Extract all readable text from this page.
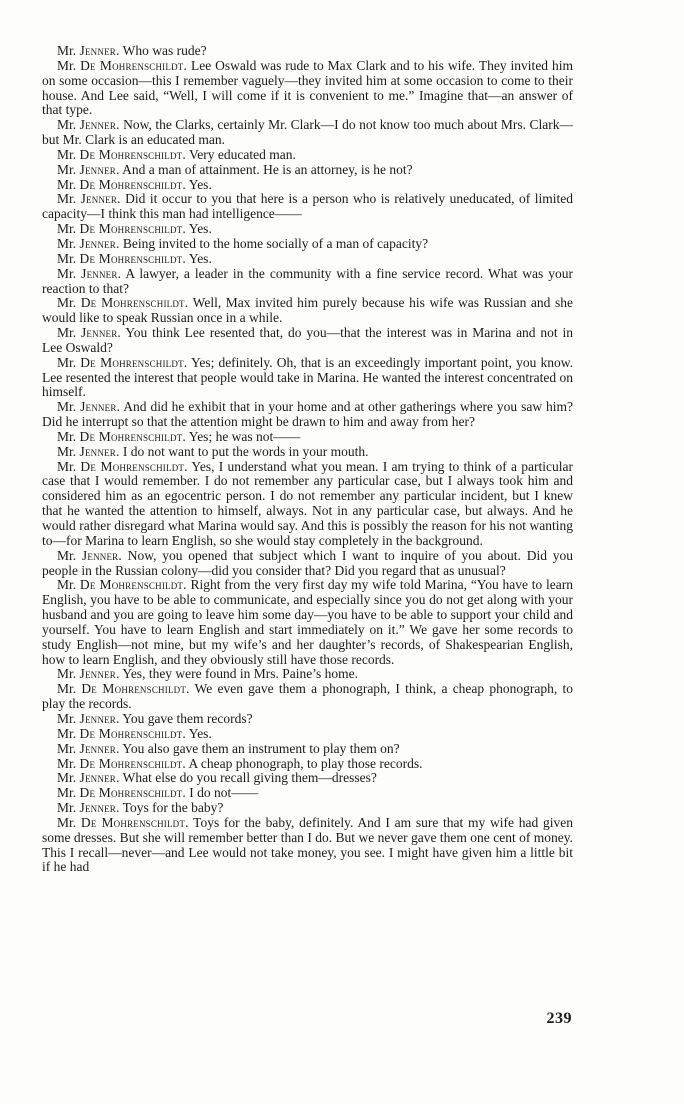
Mr. Jenner. Who was rude?

Mr. De Mohrenschildt. Lee Oswald was rude to Max Clark and to his wife. They invited him on some occasion—this I remember vaguely—they invited him at some occasion to come to their house. And Lee said, “Well, I will come if it is convenient to me.” Imagine that—an answer of that type.

Mr. Jenner. Now, the Clarks, certainly Mr. Clark—I do not know too much about Mrs. Clark—but Mr. Clark is an educated man.

Mr. De Mohrenschildt. Very educated man.

Mr. Jenner. And a man of attainment. He is an attorney, is he not?

Mr. De Mohrenschildt. Yes.

Mr. Jenner. Did it occur to you that here is a person who is relatively uneducated, of limited capacity—I think this man had intelligence——

Mr. De Mohrenschildt. Yes.

Mr. Jenner. Being invited to the home socially of a man of capacity?

Mr. De Mohrenschildt. Yes.

Mr. Jenner. A lawyer, a leader in the community with a fine service record. What was your reaction to that?

Mr. De Mohrenschildt. Well, Max invited him purely because his wife was Russian and she would like to speak Russian once in a while.

Mr. Jenner. You think Lee resented that, do you—that the interest was in Marina and not in Lee Oswald?

Mr. De Mohrenschildt. Yes; definitely. Oh, that is an exceedingly important point, you know. Lee resented the interest that people would take in Marina. He wanted the interest concentrated on himself.

Mr. Jenner. And did he exhibit that in your home and at other gatherings where you saw him? Did he interrupt so that the attention might be drawn to him and away from her?

Mr. De Mohrenschildt. Yes; he was not——

Mr. Jenner. I do not want to put the words in your mouth.

Mr. De Mohrenschildt. Yes, I understand what you mean. I am trying to think of a particular case that I would remember. I do not remember any particular case, but I always took him and considered him as an egocentric person. I do not remember any particular incident, but I knew that he wanted the attention to himself, always. Not in any particular case, but always. And he would rather disregard what Marina would say. And this is possibly the reason for his not wanting to—for Marina to learn English, so she would stay completely in the background.

Mr. Jenner. Now, you opened that subject which I want to inquire of you about. Did you people in the Russian colony—did you consider that? Did you regard that as unusual?

Mr. De Mohrenschildt. Right from the very first day my wife told Marina, “You have to learn English, you have to be able to communicate, and especially since you do not get along with your husband and you are going to leave him some day—you have to be able to support your child and yourself. You have to learn English and start immediately on it.” We gave her some records to study English—not mine, but my wife’s and her daughter’s records, of Shakespearian English, how to learn English, and they obviously still have those records.

Mr. Jenner. Yes, they were found in Mrs. Paine’s home.

Mr. De Mohrenschildt. We even gave them a phonograph, I think, a cheap phonograph, to play the records.

Mr. Jenner. You gave them records?

Mr. De Mohrenschildt. Yes.

Mr. Jenner. You also gave them an instrument to play them on?

Mr. De Mohrenschildt. A cheap phonograph, to play those records.

Mr. Jenner. What else do you recall giving them—dresses?

Mr. De Mohrenschildt. I do not——

Mr. Jenner. Toys for the baby?

Mr. De Mohrenschildt. Toys for the baby, definitely. And I am sure that my wife had given some dresses. But she will remember better than I do. But we never gave them one cent of money. This I recall—never—and Lee would not take money, you see. I might have given him a little bit if he had

239
